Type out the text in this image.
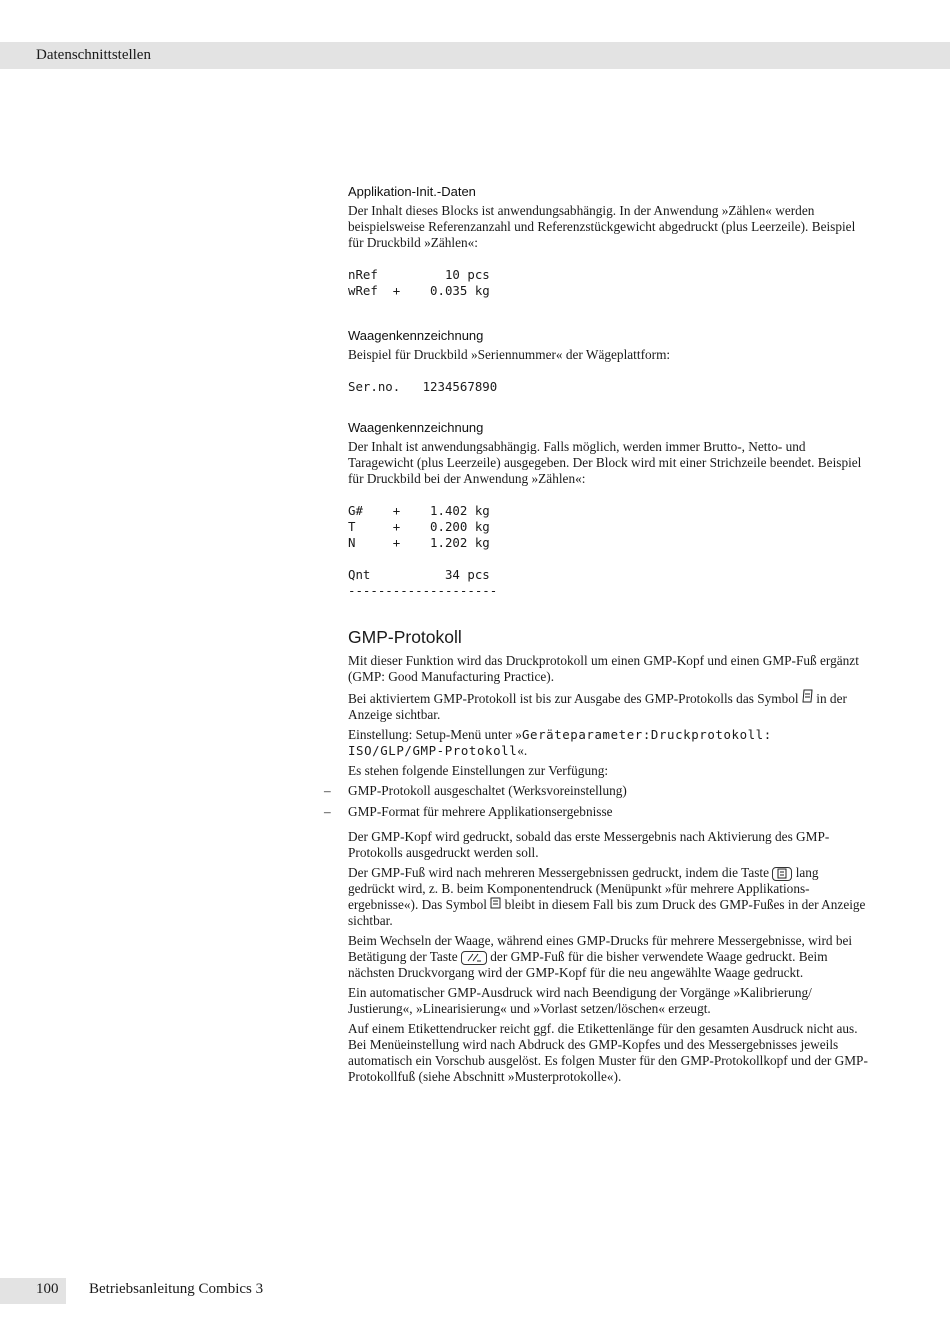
Datenschnittstellen
Applikation-Init.-Daten
Der Inhalt dieses Blocks ist anwendungsabhängig. In der Anwendung »Zählen« werden beispielsweise Referenzanzahl und Referenzstückgewicht abgedruckt (plus Leerzeile). Beispiel für Druckbild »Zählen«:
nRef         10 pcs
wRef  +    0.035 kg
Waagenkennzeichnung
Beispiel für Druckbild »Seriennummer« der Wägeplattform:
Ser.no.   1234567890
Waagenkennzeichnung
Der Inhalt ist anwendungsabhängig. Falls möglich, werden immer Brutto-, Netto- und Taragewicht (plus Leerzeile) ausgegeben. Der Block wird mit einer Strichzeile beendet. Beispiel für Druckbild bei der Anwendung »Zählen«:
G#    +    1.402 kg
T     +    0.200 kg
N     +    1.202 kg

Qnt          34 pcs
--------------------
GMP-Protokoll
Mit dieser Funktion wird das Druckprotokoll um einen GMP-Kopf und einen GMP-Fuß ergänzt (GMP: Good Manufacturing Practice).
Bei aktiviertem GMP-Protokoll ist bis zur Ausgabe des GMP-Protokolls das Symbol in der Anzeige sichtbar.
Einstellung: Setup-Menü unter »Geräteparameter:Druckprotokoll: ISO/GLP/GMP-Protokoll«.
Es stehen folgende Einstellungen zur Verfügung:
– GMP-Protokoll ausgeschaltet (Werksvoreinstellung)
– GMP-Format für mehrere Applikationsergebnisse
Der GMP-Kopf wird gedruckt, sobald das erste Messergebnis nach Aktivierung des GMP-Protokolls ausgedruckt werden soll.
Der GMP-Fuß wird nach mehreren Messergebnissen gedruckt, indem die Taste lang gedrückt wird, z. B. beim Komponentendruck (Menüpunkt »für mehrere Applikationsergebnisse«). Das Symbol bleibt in diesem Fall bis zum Druck des GMP-Fußes in der Anzeige sichtbar.
Beim Wechseln der Waage, während eines GMP-Drucks für mehrere Messergebnisse, wird bei Betätigung der Taste der GMP-Fuß für die bisher verwendete Waage gedruckt. Beim nächsten Druckvorgang wird der GMP-Kopf für die neu angewählte Waage gedruckt.
Ein automatischer GMP-Ausdruck wird nach Beendigung der Vorgänge »Kalibrierung/ Justierung«, »Linearisierung« und »Vorlast setzen/löschen« erzeugt.
Auf einem Etikettendrucker reicht ggf. die Etikettenlänge für den gesamten Ausdruck nicht aus. Bei Menüeinstellung wird nach Abdruck des GMP-Kopfes und des Messergebnisses jeweils automatisch ein Vorschub ausgelöst. Es folgen Muster für den GMP-Protokollkopf und der GMP-Protokollfuß (siehe Abschnitt »Musterprotokolle«).
100 Betriebsanleitung Combics 3
